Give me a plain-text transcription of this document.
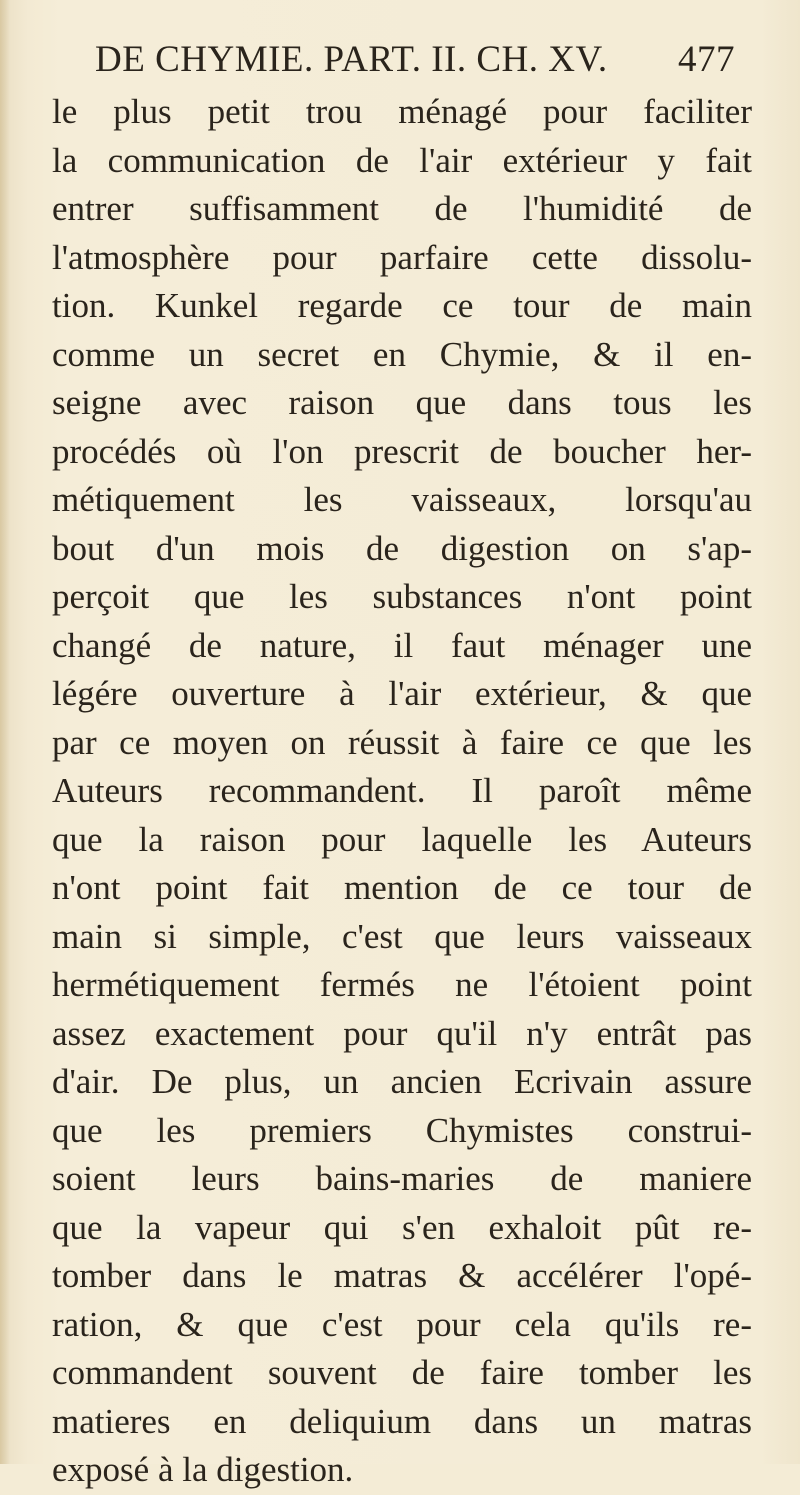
DE CHYMIE. PART. II. CH. XV. 477
le plus petit trou ménagé pour faciliter
la communication de l'air extérieur y fait
entrer suffisamment de l'humidité de
l'atmosphère pour parfaire cette dissolu-
tion. Kunkel regarde ce tour de main
comme un secret en Chymie, & il en-
seigne avec raison que dans tous les
procédés où l'on prescrit de boucher her-
métiquement les vaisseaux, lorsqu'au
bout d'un mois de digestion on s'ap-
perçoit que les substances n'ont point
changé de nature, il faut ménager une
légére ouverture à l'air extérieur, & que
par ce moyen on réussit à faire ce que les
Auteurs recommandent. Il paroît même
que la raison pour laquelle les Auteurs
n'ont point fait mention de ce tour de
main si simple, c'est que leurs vaisseaux
hermétiquement fermés ne l'étoient point
assez exactement pour qu'il n'y entrât pas
d'air. De plus, un ancien Ecrivain assure
que les premiers Chymistes construi-
soient leurs bains-maries de maniere
que la vapeur qui s'en exhaloit pût re-
tomber dans le matras & accélérer l'opé-
ration, & que c'est pour cela qu'ils re-
commandent souvent de faire tomber les
matieres en deliquium dans un matras
exposé à la digestion.
